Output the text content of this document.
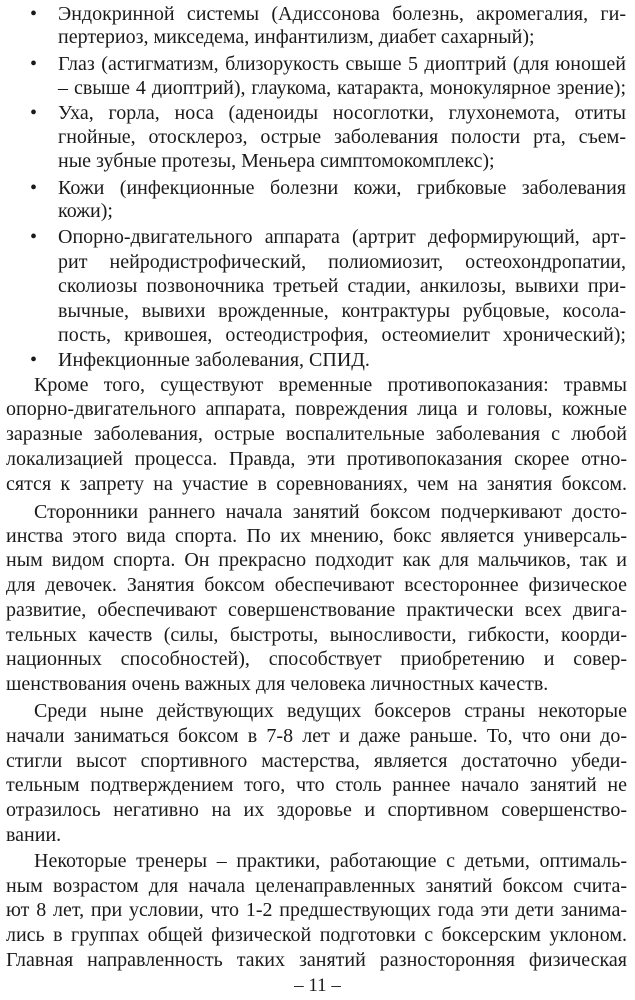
• Эндокринной системы (Адиссонова болезнь, акромегалия, ги-
пертериоз, микседема, инфантилизм, диабет сахарный);
• Глаз (астигматизм, близорукость свыше 5 диоптрий (для юношей
– свыше 4 диоптрий), глаукома, катаракта, монокулярное зрение);
• Уха, горла, носа (аденоиды носоглотки, глухонемота, отиты
гнойные, отосклероз, острые заболевания полости рта, съем-
ные зубные протезы, Меньера симптомокомплекс);
• Кожи (инфекционные болезни кожи, грибковые заболевания
кожи);
• Опорно-двигательного аппарата (артрит деформирующий, арт-
рит нейродистрофический, полиомиозит, остеохондропатии,
сколиозы позвоночника третьей стадии, анкилозы, вывихи при-
вычные, вывихи врожденные, контрактуры рубцовые, косола-
пость, кривошея, остеодистрофия, остеомиелит хронический);
• Инфекционные заболевания, СПИД.
Кроме того, существуют временные противопоказания: травмы
опорно-двигательного аппарата, повреждения лица и головы, кожные
заразные заболевания, острые воспалительные заболевания с любой
локализацией процесса. Правда, эти противопоказания скорее отно-
сятся к запрету на участие в соревнованиях, чем на занятия боксом.
Сторонники раннего начала занятий боксом подчеркивают досто-
инства этого вида спорта. По их мнению, бокс является универсаль-
ным видом спорта. Он прекрасно подходит как для мальчиков, так и
для девочек. Занятия боксом обеспечивают всестороннее физическое
развитие, обеспечивают совершенствование практически всех двига-
тельных качеств (силы, быстроты, выносливости, гибкости, коорди-
национных способностей), способствует приобретению и совер-
шенствования очень важных для человека личностных качеств.
Среди ныне действующих ведущих боксеров страны некоторые
начали заниматься боксом в 7-8 лет и даже раньше. То, что они до-
стигли высот спортивного мастерства, является достаточно убеди-
тельным подтверждением того, что столь раннее начало занятий не
отразилось негативно на их здоровье и спортивном совершенство-
вании.
Некоторые тренеры – практики, работающие с детьми, оптималь-
ным возрастом для начала целенаправленных занятий боксом счита-
ют 8 лет, при условии, что 1-2 предшествующих года эти дети занима-
лись в группах общей физической подготовки с боксерским уклоном.
Главная направленность таких занятий разносторонняя физическая
– 11 –
